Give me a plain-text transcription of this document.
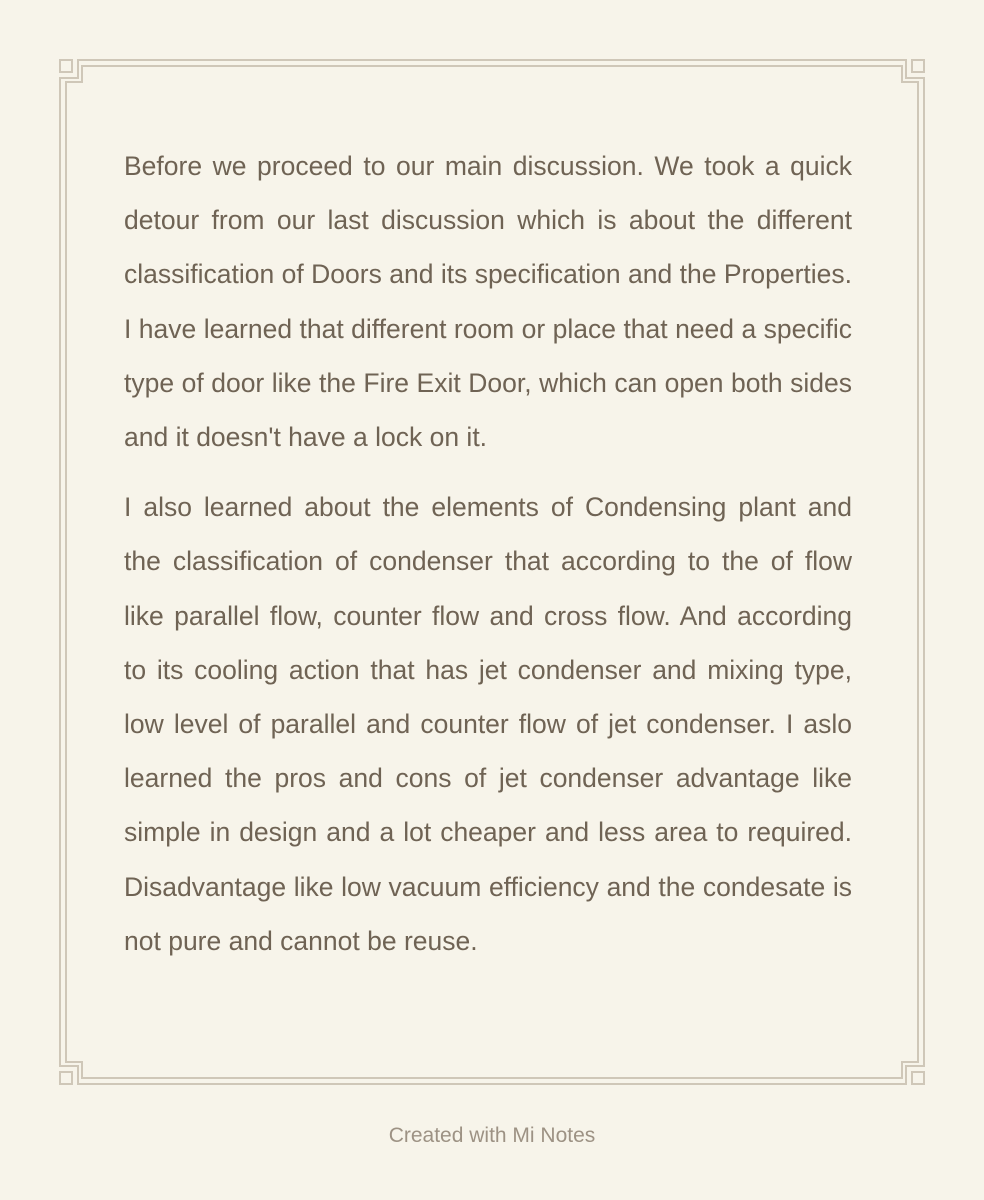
Before we proceed to our main discussion. We took a quick detour from our last discussion which is about the different classification of Doors and its specification and the Properties. I have learned that different room or place that need a specific type of door like the Fire Exit Door, which can open both sides and it doesn't have a lock on it.

I also learned about the elements of Condensing plant and the classification of condenser that according to the of flow like parallel flow, counter flow and cross flow. And according to its cooling action that has jet condenser and mixing type, low level of parallel and counter flow of jet condenser. I aslo learned the pros and cons of jet condenser advantage like simple in design and a lot cheaper and less area to required. Disadvantage like low vacuum efficiency and the condesate is not pure and cannot be reuse.

Created with Mi Notes
